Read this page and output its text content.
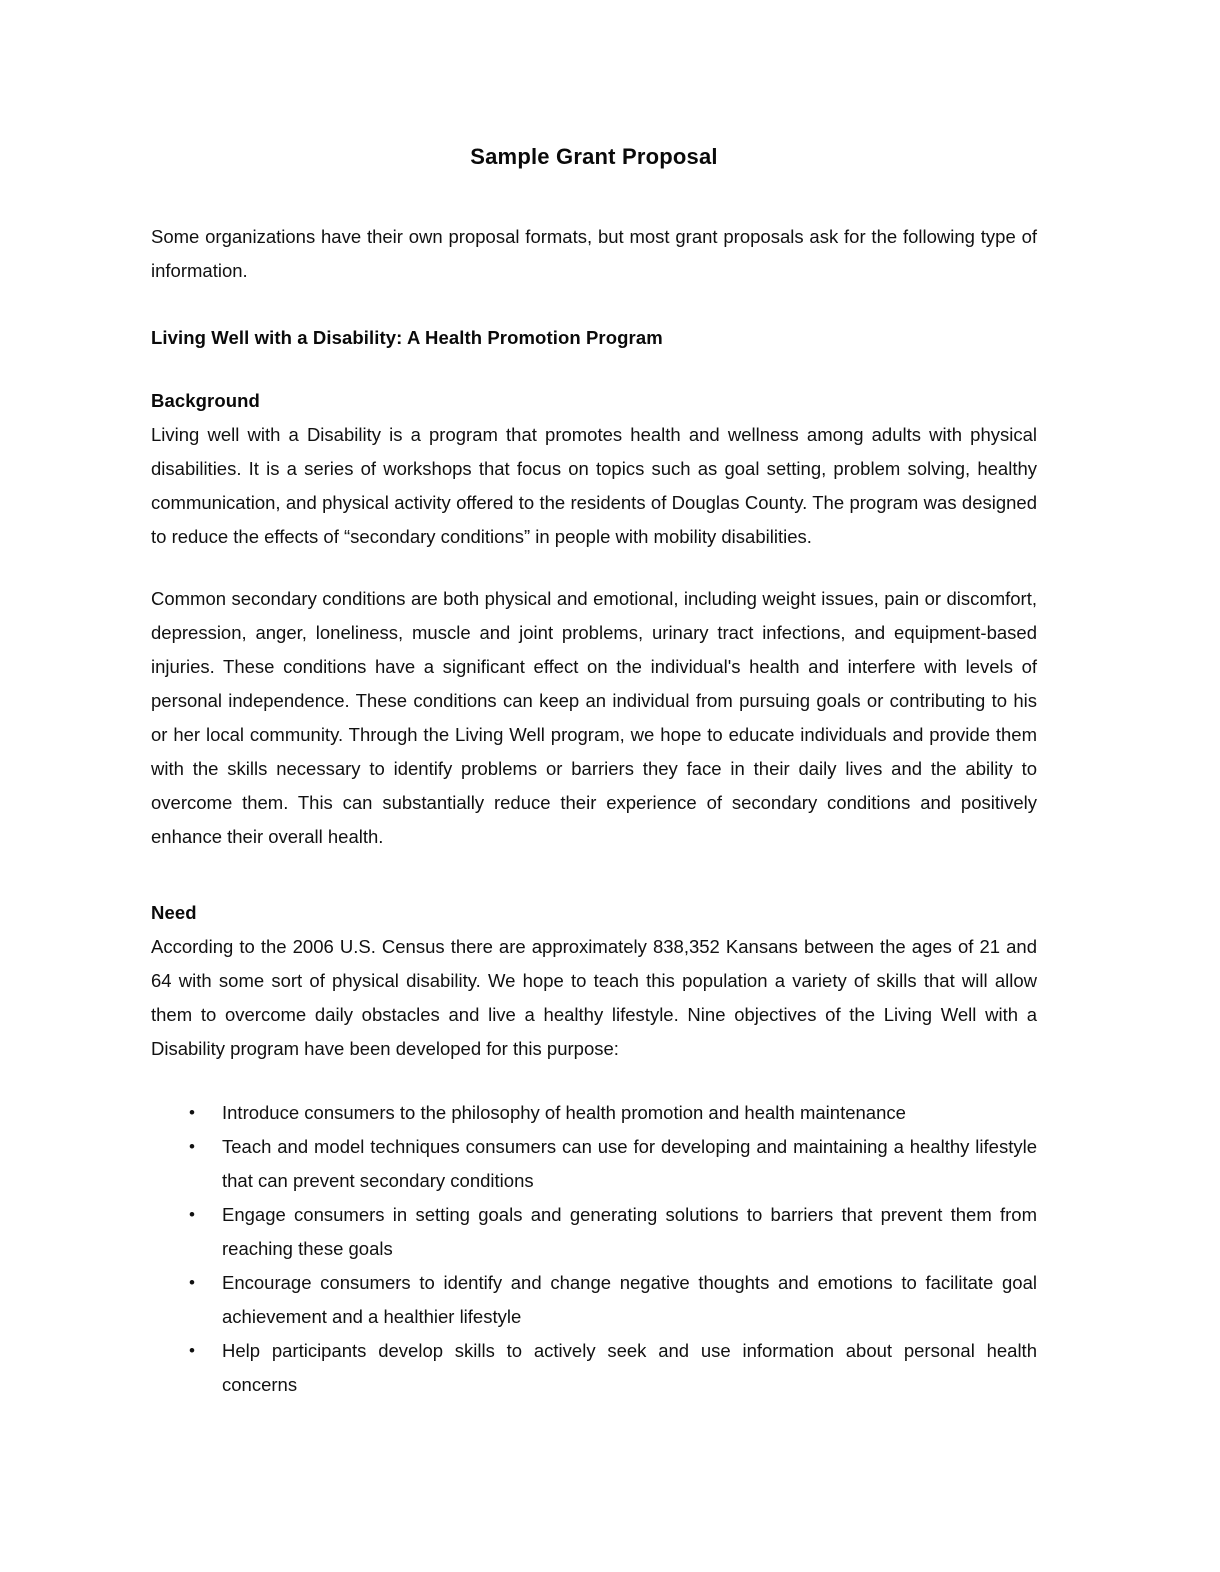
Sample Grant Proposal

Some organizations have their own proposal formats, but most grant proposals ask for the following type of information.

Living Well with a Disability: A Health Promotion Program
Background

Living well with a Disability is a program that promotes health and wellness among adults with physical disabilities. It is a series of workshops that focus on topics such as goal setting, problem solving, healthy communication, and physical activity offered to the residents of Douglas County. The program was designed to reduce the effects of “secondary conditions” in people with mobility disabilities.

Common secondary conditions are both physical and emotional, including weight issues, pain or discomfort, depression, anger, loneliness, muscle and joint problems, urinary tract infections, and equipment-based injuries. These conditions have a significant effect on the individual's health and interfere with levels of personal independence. These conditions can keep an individual from pursuing goals or contributing to his or her local community. Through the Living Well program, we hope to educate individuals and provide them with the skills necessary to identify problems or barriers they face in their daily lives and the ability to overcome them. This can substantially reduce their experience of secondary conditions and positively enhance their overall health.

Need

According to the 2006 U.S. Census there are approximately 838,352 Kansans between the ages of 21 and 64 with some sort of physical disability. We hope to teach this population a variety of skills that will allow them to overcome daily obstacles and live a healthy lifestyle. Nine objectives of the Living Well with a Disability program have been developed for this purpose:

• Introduce consumers to the philosophy of health promotion and health maintenance
• Teach and model techniques consumers can use for developing and maintaining a healthy lifestyle that can prevent secondary conditions
• Engage consumers in setting goals and generating solutions to barriers that prevent them from reaching these goals
• Encourage consumers to identify and change negative thoughts and emotions to facilitate goal achievement and a healthier lifestyle
• Help participants develop skills to actively seek and use information about personal health concerns
